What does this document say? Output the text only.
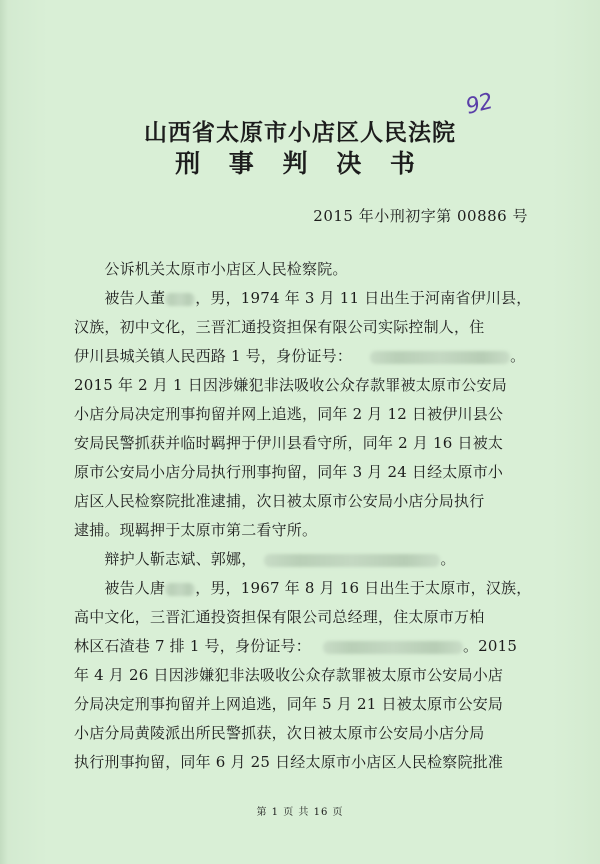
92
山西省太原市小店区人民法院
刑 事 判 决 书
2015 年小刑初字第 00886 号
　　公诉机关太原市小店区人民检察院。
　　被告人董 ，男，1974 年 3 月 11 日出生于河南省伊川县，
汉族，初中文化，三晋汇通投资担保有限公司实际控制人，住
伊川县城关镇人民西路 1 号，身份证号：	。
2015 年 2 月 1 日因涉嫌犯非法吸收公众存款罪被太原市公安局
小店分局决定刑事拘留并网上追逃，同年 2 月 12 日被伊川县公
安局民警抓获并临时羁押于伊川县看守所，同年 2 月 16 日被太
原市公安局小店分局执行刑事拘留，同年 3 月 24 日经太原市小
店区人民检察院批准逮捕，次日被太原市公安局小店分局执行
逮捕。现羁押于太原市第二看守所。
　　辩护人靳志斌、郭娜，	。
　　被告人唐 ，男，1967 年 8 月 16 日出生于太原市，汉族，
高中文化，三晋汇通投资担保有限公司总经理，住太原市万柏
林区石渣巷 7 排 1 号，身份证号：	。2015
年 4 月 26 日因涉嫌犯非法吸收公众存款罪被太原市公安局小店
分局决定刑事拘留并上网追逃，同年 5 月 21 日被太原市公安局
小店分局黄陵派出所民警抓获，次日被太原市公安局小店分局
执行刑事拘留，同年 6 月 25 日经太原市小店区人民检察院批准
第 1 页 共 16 页
